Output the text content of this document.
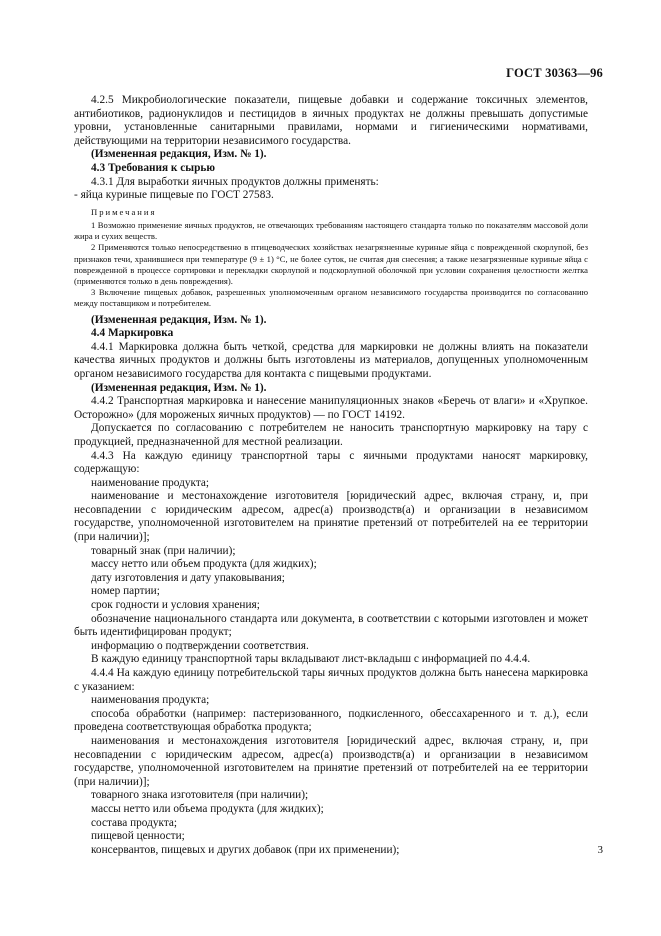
ГОСТ 30363—96

4.2.5 Микробиологические показатели, пищевые добавки и содержание токсичных элементов, антибиотиков, радионуклидов и пестицидов в яичных продуктах не должны превышать допустимые уровни, установленные санитарными правилами, нормами и гигиеническими нормативами, действующими на территории независимого государства.

(Измененная редакция, Изм. № 1).

4.3 Требования к сырью

4.3.1 Для выработки яичных продуктов должны применять:

- яйца куриные пищевые по ГОСТ 27583.

Примечания

1 Возможно применение яичных продуктов, не отвечающих требованиям настоящего стандарта только по показателям массовой доли жира и сухих веществ.

2 Применяются только непосредственно в птицеводческих хозяйствах незагрязненные куриные яйца с поврежденной скорлупой, без признаков течи, хранившиеся при температуре (9 ± 1) °С, не более суток, не считая дня снесения; а также незагрязненные куриные яйца с поврежденной в процессе сортировки и перекладки скорлупой и подскорлупной оболочкой при условии сохранения целостности желтка (применяются только в день повреждения).

3 Включение пищевых добавок, разрешенных уполномоченным органом независимого государства производится по согласованию между поставщиком и потребителем.

(Измененная редакция, Изм. № 1).

4.4 Маркировка

4.4.1 Маркировка должна быть четкой, средства для маркировки не должны влиять на показатели качества яичных продуктов и должны быть изготовлены из материалов, допущенных уполномоченным органом независимого государства для контакта с пищевыми продуктами.

(Измененная редакция, Изм. № 1).

4.4.2 Транспортная маркировка и нанесение манипуляционных знаков «Беречь от влаги» и «Хрупкое. Осторожно» (для мороженых яичных продуктов) — по ГОСТ 14192.

Допускается по согласованию с потребителем не наносить транспортную маркировку на тару с продукцией, предназначенной для местной реализации.

4.4.3 На каждую единицу транспортной тары с яичными продуктами наносят маркировку, содержащую:

наименование продукта;

наименование и местонахождение изготовителя [юридический адрес, включая страну, и, при несовпадении с юридическим адресом, адрес(а) производств(а) и организации в независимом государстве, уполномоченной изготовителем на принятие претензий от потребителей на ее территории (при наличии)];

товарный знак (при наличии);

массу нетто или объем продукта (для жидких);

дату изготовления и дату упаковывания;

номер партии;

срок годности и условия хранения;

обозначение национального стандарта или документа, в соответствии с которыми изготовлен и может быть идентифицирован продукт;

информацию о подтверждении соответствия.

В каждую единицу транспортной тары вкладывают лист-вкладыш с информацией по 4.4.4.

4.4.4 На каждую единицу потребительской тары яичных продуктов должна быть нанесена маркировка с указанием:

наименования продукта;

способа обработки (например: пастеризованного, подкисленного, обессахаренного и т. д.), если проведена соответствующая обработка продукта;

наименования и местонахождения изготовителя [юридический адрес, включая страну, и, при несовпадении с юридическим адресом, адрес(а) производств(а) и организации в независимом государстве, уполномоченной изготовителем на принятие претензий от потребителей на ее территории (при наличии)];

товарного знака изготовителя (при наличии);

массы нетто или объема продукта (для жидких);

состава продукта;

пищевой ценности;

консервантов, пищевых и других добавок (при их применении);	3
